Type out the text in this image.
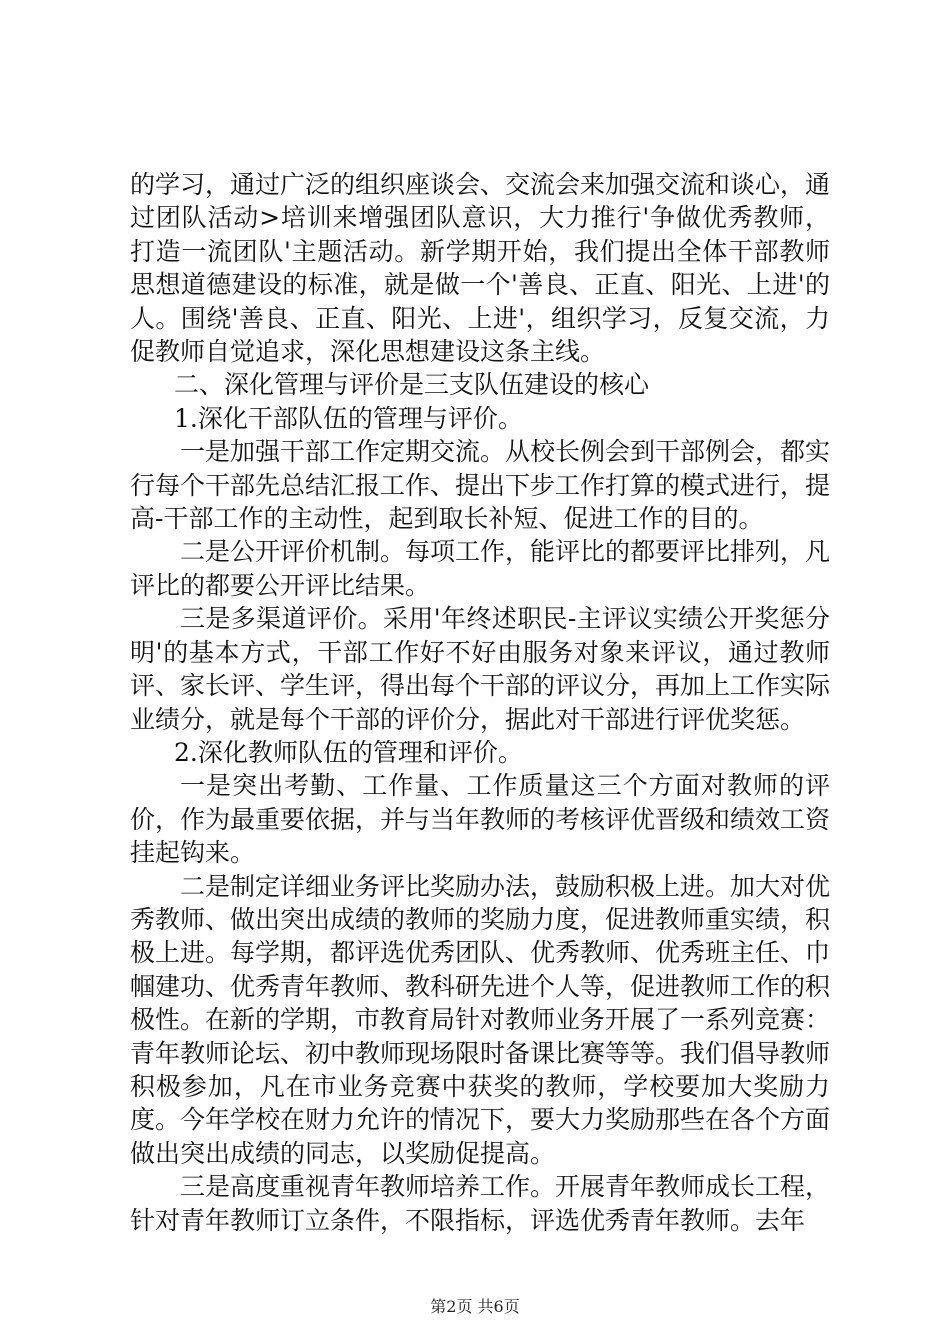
的学习，通过广泛的组织座谈会、交流会来加强交流和谈心，通过团队活动>培训来增强团队意识，大力推行'争做优秀教师，打造一流团队'主题活动。新学期开始，我们提出全体干部教师思想道德建设的标准，就是做一个'善良、正直、阳光、上进'的人。围绕'善良、正直、阳光、上进'，组织学习，反复交流，力促教师自觉追求，深化思想建设这条主线。

二、深化管理与评价是三支队伍建设的核心

1.深化干部队伍的管理与评价。

一是加强干部工作定期交流。从校长例会到干部例会，都实行每个干部先总结汇报工作、提出下步工作打算的模式进行，提高-干部工作的主动性，起到取长补短、促进工作的目的。

二是公开评价机制。每项工作，能评比的都要评比排列，凡评比的都要公开评比结果。

三是多渠道评价。采用'年终述职民-主评议实绩公开奖惩分明'的基本方式，干部工作好不好由服务对象来评议，通过教师评、家长评、学生评，得出每个干部的评议分，再加上工作实际业绩分，就是每个干部的评价分，据此对干部进行评优奖惩。

2.深化教师队伍的管理和评价。

一是突出考勤、工作量、工作质量这三个方面对教师的评价，作为最重要依据，并与当年教师的考核评优晋级和绩效工资挂起钩来。

二是制定详细业务评比奖励办法，鼓励积极上进。加大对优秀教师、做出突出成绩的教师的奖励力度，促进教师重实绩，积极上进。每学期，都评选优秀团队、优秀教师、优秀班主任、巾帼建功、优秀青年教师、教科研先进个人等，促进教师工作的积极性。在新的学期，市教育局针对教师业务开展了一系列竞赛：青年教师论坛、初中教师现场限时备课比赛等等。我们倡导教师积极参加，凡在市业务竞赛中获奖的教师，学校要加大奖励力度。今年学校在财力允许的情况下，要大力奖励那些在各个方面做出突出成绩的同志，以奖励促提高。

三是高度重视青年教师培养工作。开展青年教师成长工程，针对青年教师订立条件，不限指标，评选优秀青年教师。去年

第2页 共6页
